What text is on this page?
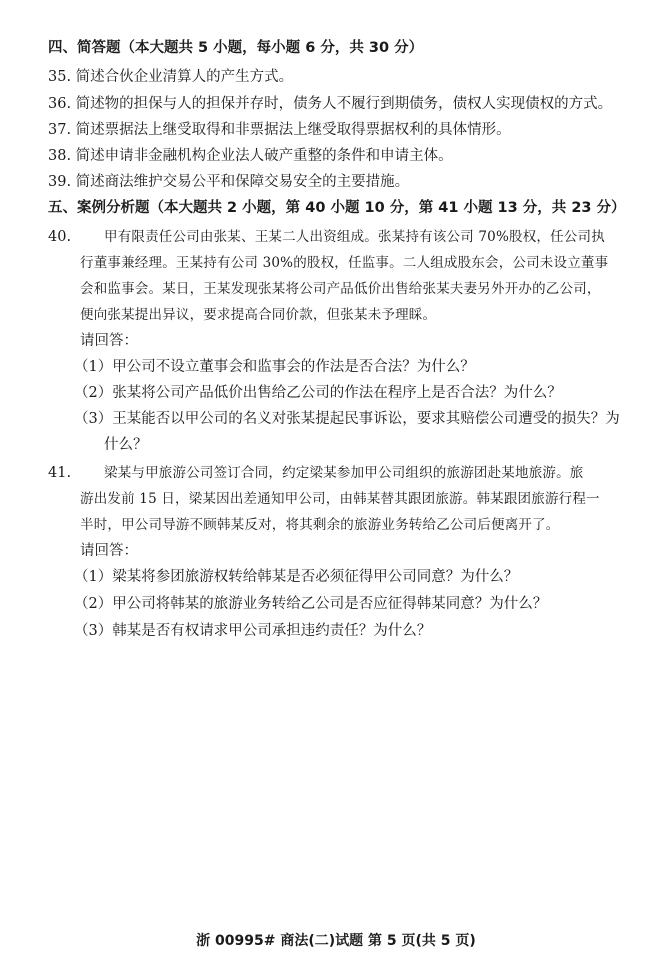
四、简答题（本大题共 5 小题，每小题 6 分，共 30 分）
35. 简述合伙企业清算人的产生方式。
36. 简述物的担保与人的担保并存时，债务人不履行到期债务，债权人实现债权的方式。
37. 简述票据法上继受取得和非票据法上继受取得票据权利的具体情形。
38. 简述申请非金融机构企业法人破产重整的条件和申请主体。
39. 简述商法维护交易公平和保障交易安全的主要措施。
五、案例分析题（本大题共 2 小题，第 40 小题 10 分，第 41 小题 13 分，共 23 分）
40. 甲有限责任公司由张某、王某二人出资组成。张某持有该公司 70%股权，任公司执
行董事兼经理。王某持有公司 30%的股权，任监事。二人组成股东会，公司未设立董事
会和监事会。某日，王某发现张某将公司产品低价出售给张某夫妻另外开办的乙公司，
便向张某提出异议，要求提高合同价款，但张某未予理睬。
请回答：
（1）甲公司不设立董事会和监事会的作法是否合法？为什么？
（2）张某将公司产品低价出售给乙公司的作法在程序上是否合法？为什么？
（3）王某能否以甲公司的名义对张某提起民事诉讼，要求其赔偿公司遭受的损失？为
什么？
41. 梁某与甲旅游公司签订合同，约定梁某参加甲公司组织的旅游团赴某地旅游。旅
游出发前 15 日，梁某因出差通知甲公司，由韩某替其跟团旅游。韩某跟团旅游行程一
半时，甲公司导游不顾韩某反对，将其剩余的旅游业务转给乙公司后便离开了。
请回答：
（1）梁某将参团旅游权转给韩某是否必须征得甲公司同意？为什么？
（2）甲公司将韩某的旅游业务转给乙公司是否应征得韩某同意？为什么？
（3）韩某是否有权请求甲公司承担违约责任？为什么？
浙 00995# 商法(二)试题 第 5 页(共 5 页)
